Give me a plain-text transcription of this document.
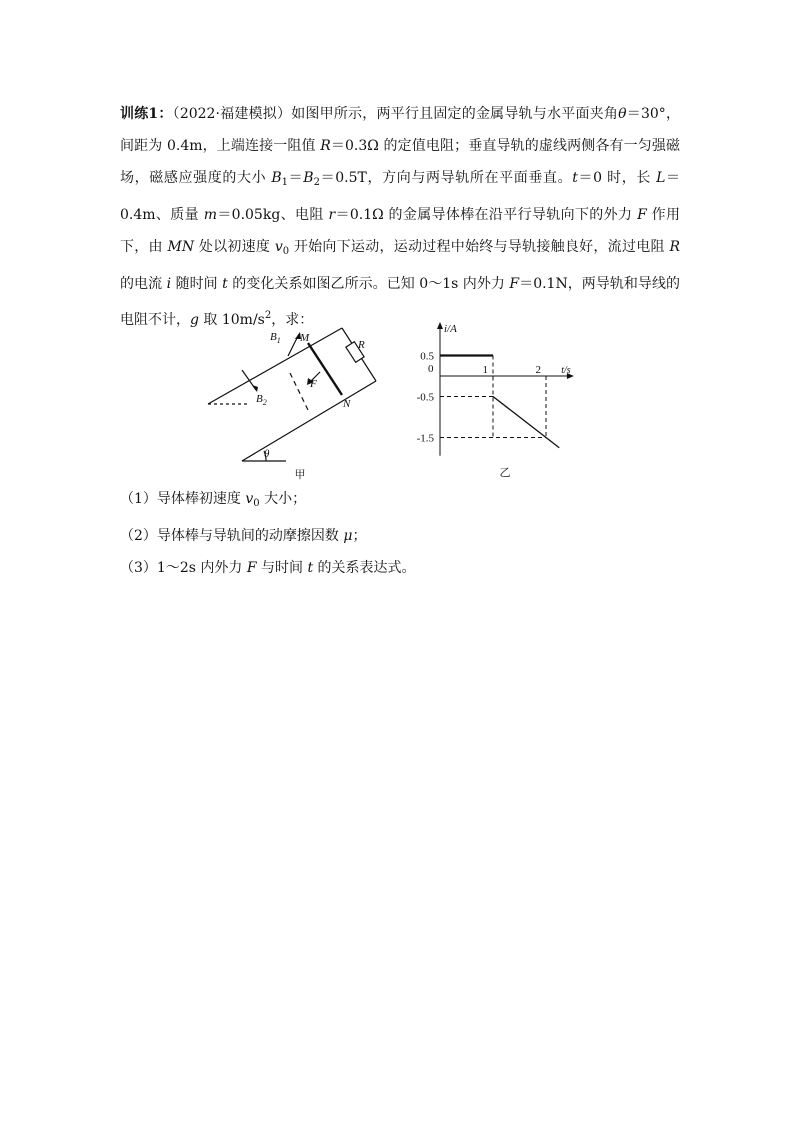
训练1：（2022·福建模拟）如图甲所示，两平行且固定的金属导轨与水平面夹角θ＝30°，间距为 0.4m，上端连接一阻值 R＝0.3Ω 的定值电阻；垂直导轨的虚线两侧各有一匀强磁场，磁感应强度的大小 $B_1=B_2=0.5T$，方向与两导轨所在平面垂直。t＝0 时，长 L＝0.4m、质量 m＝0.05kg、电阻 r＝0.1Ω 的金属导体棒在沿平行导轨向下的外力 F 作用下，由 MN 处以初速度 $v_0$ 开始向下运动，运动过程中始终与导轨接触良好，流过电阻 R 的电流 i 随时间 t 的变化关系如图乙所示。已知 0～1s 内外力 F＝0.1N，两导轨和导线的电阻不计，g 取 $10m/s^2$，求：

$B_1$
$B_2$
M
N
R
F
θ
甲
i/A
t/s
0
0.5
-0.5
-1.5
1	2
乙

（1）导体棒初速度 $v_0$ 大小；

（2）导体棒与导轨间的动摩擦因数 μ；

（3）1～2s 内外力 F 与时间 t 的关系表达式。
